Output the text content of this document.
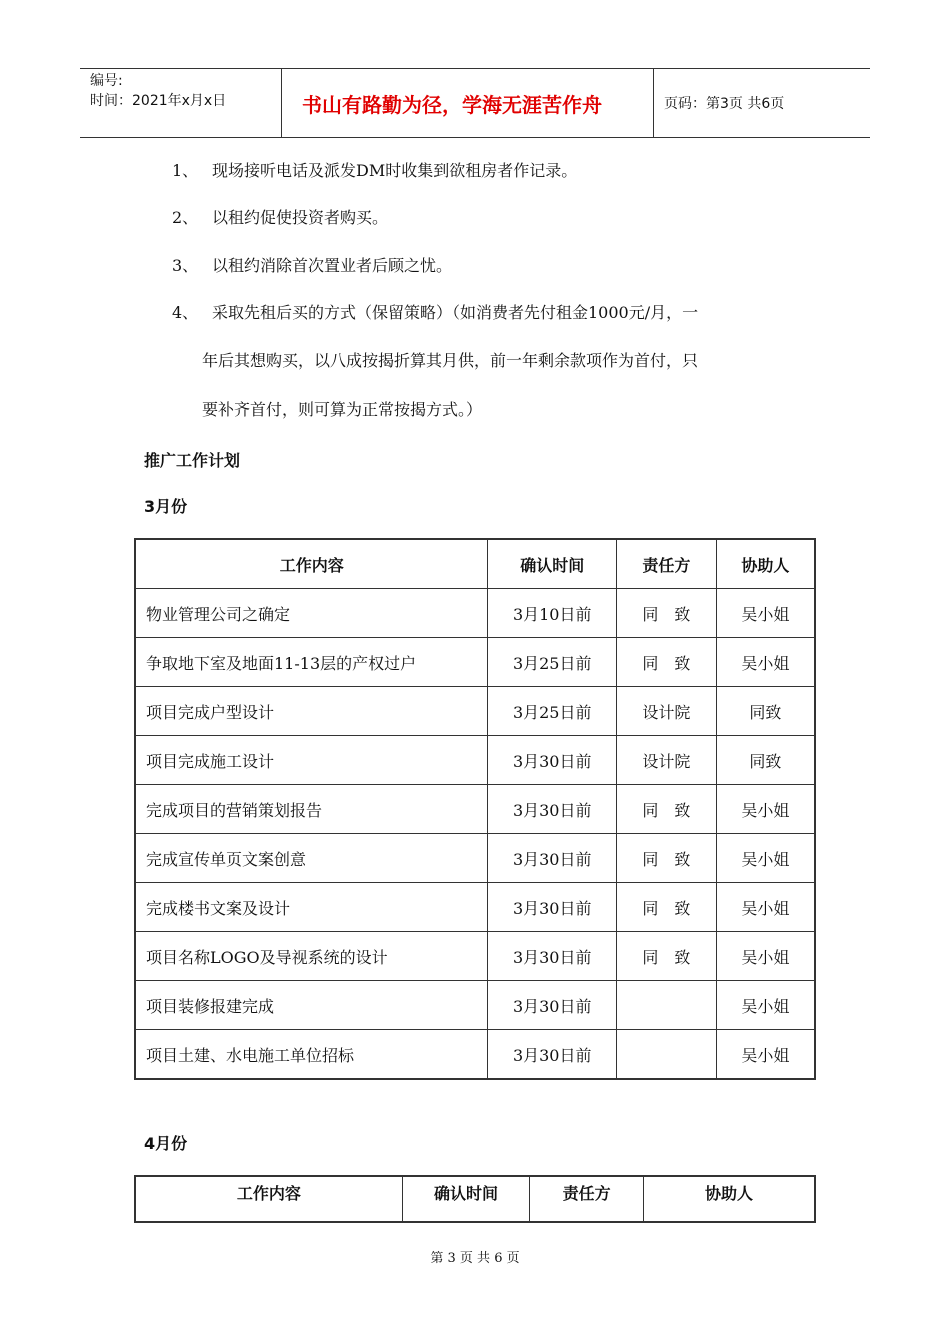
编号:
时间：2021年x月x日	书山有路勤为径，学海无涯苦作舟	页码：第3页 共6页
1、 现场接听电话及派发DM时收集到欲租房者作记录。
2、 以租约促使投资者购买。
3、 以租约消除首次置业者后顾之忧。
4、 采取先租后买的方式（保留策略）（如消费者先付租金1000元/月，一
年后其想购买，以八成按揭折算其月供，前一年剩余款项作为首付，只
要补齐首付，则可算为正常按揭方式。）
推广工作计划
3月份
工作内容	确认时间	责任方	协助人
物业管理公司之确定	3月10日前	同　致	吴小姐
争取地下室及地面11-13层的产权过户	3月25日前	同　致	吴小姐
项目完成户型设计	3月25日前	设计院	同致
项目完成施工设计	3月30日前	设计院	同致
完成项目的营销策划报告	3月30日前	同　致	吴小姐
完成宣传单页文案创意	3月30日前	同　致	吴小姐
完成楼书文案及设计	3月30日前	同　致	吴小姐
项目名称LOGO及导视系统的设计	3月30日前	同　致	吴小姐
项目装修报建完成	3月30日前		吴小姐
项目土建、水电施工单位招标	3月30日前		吴小姐
4月份
工作内容	确认时间	责任方	协助人
第 3 页 共 6 页
